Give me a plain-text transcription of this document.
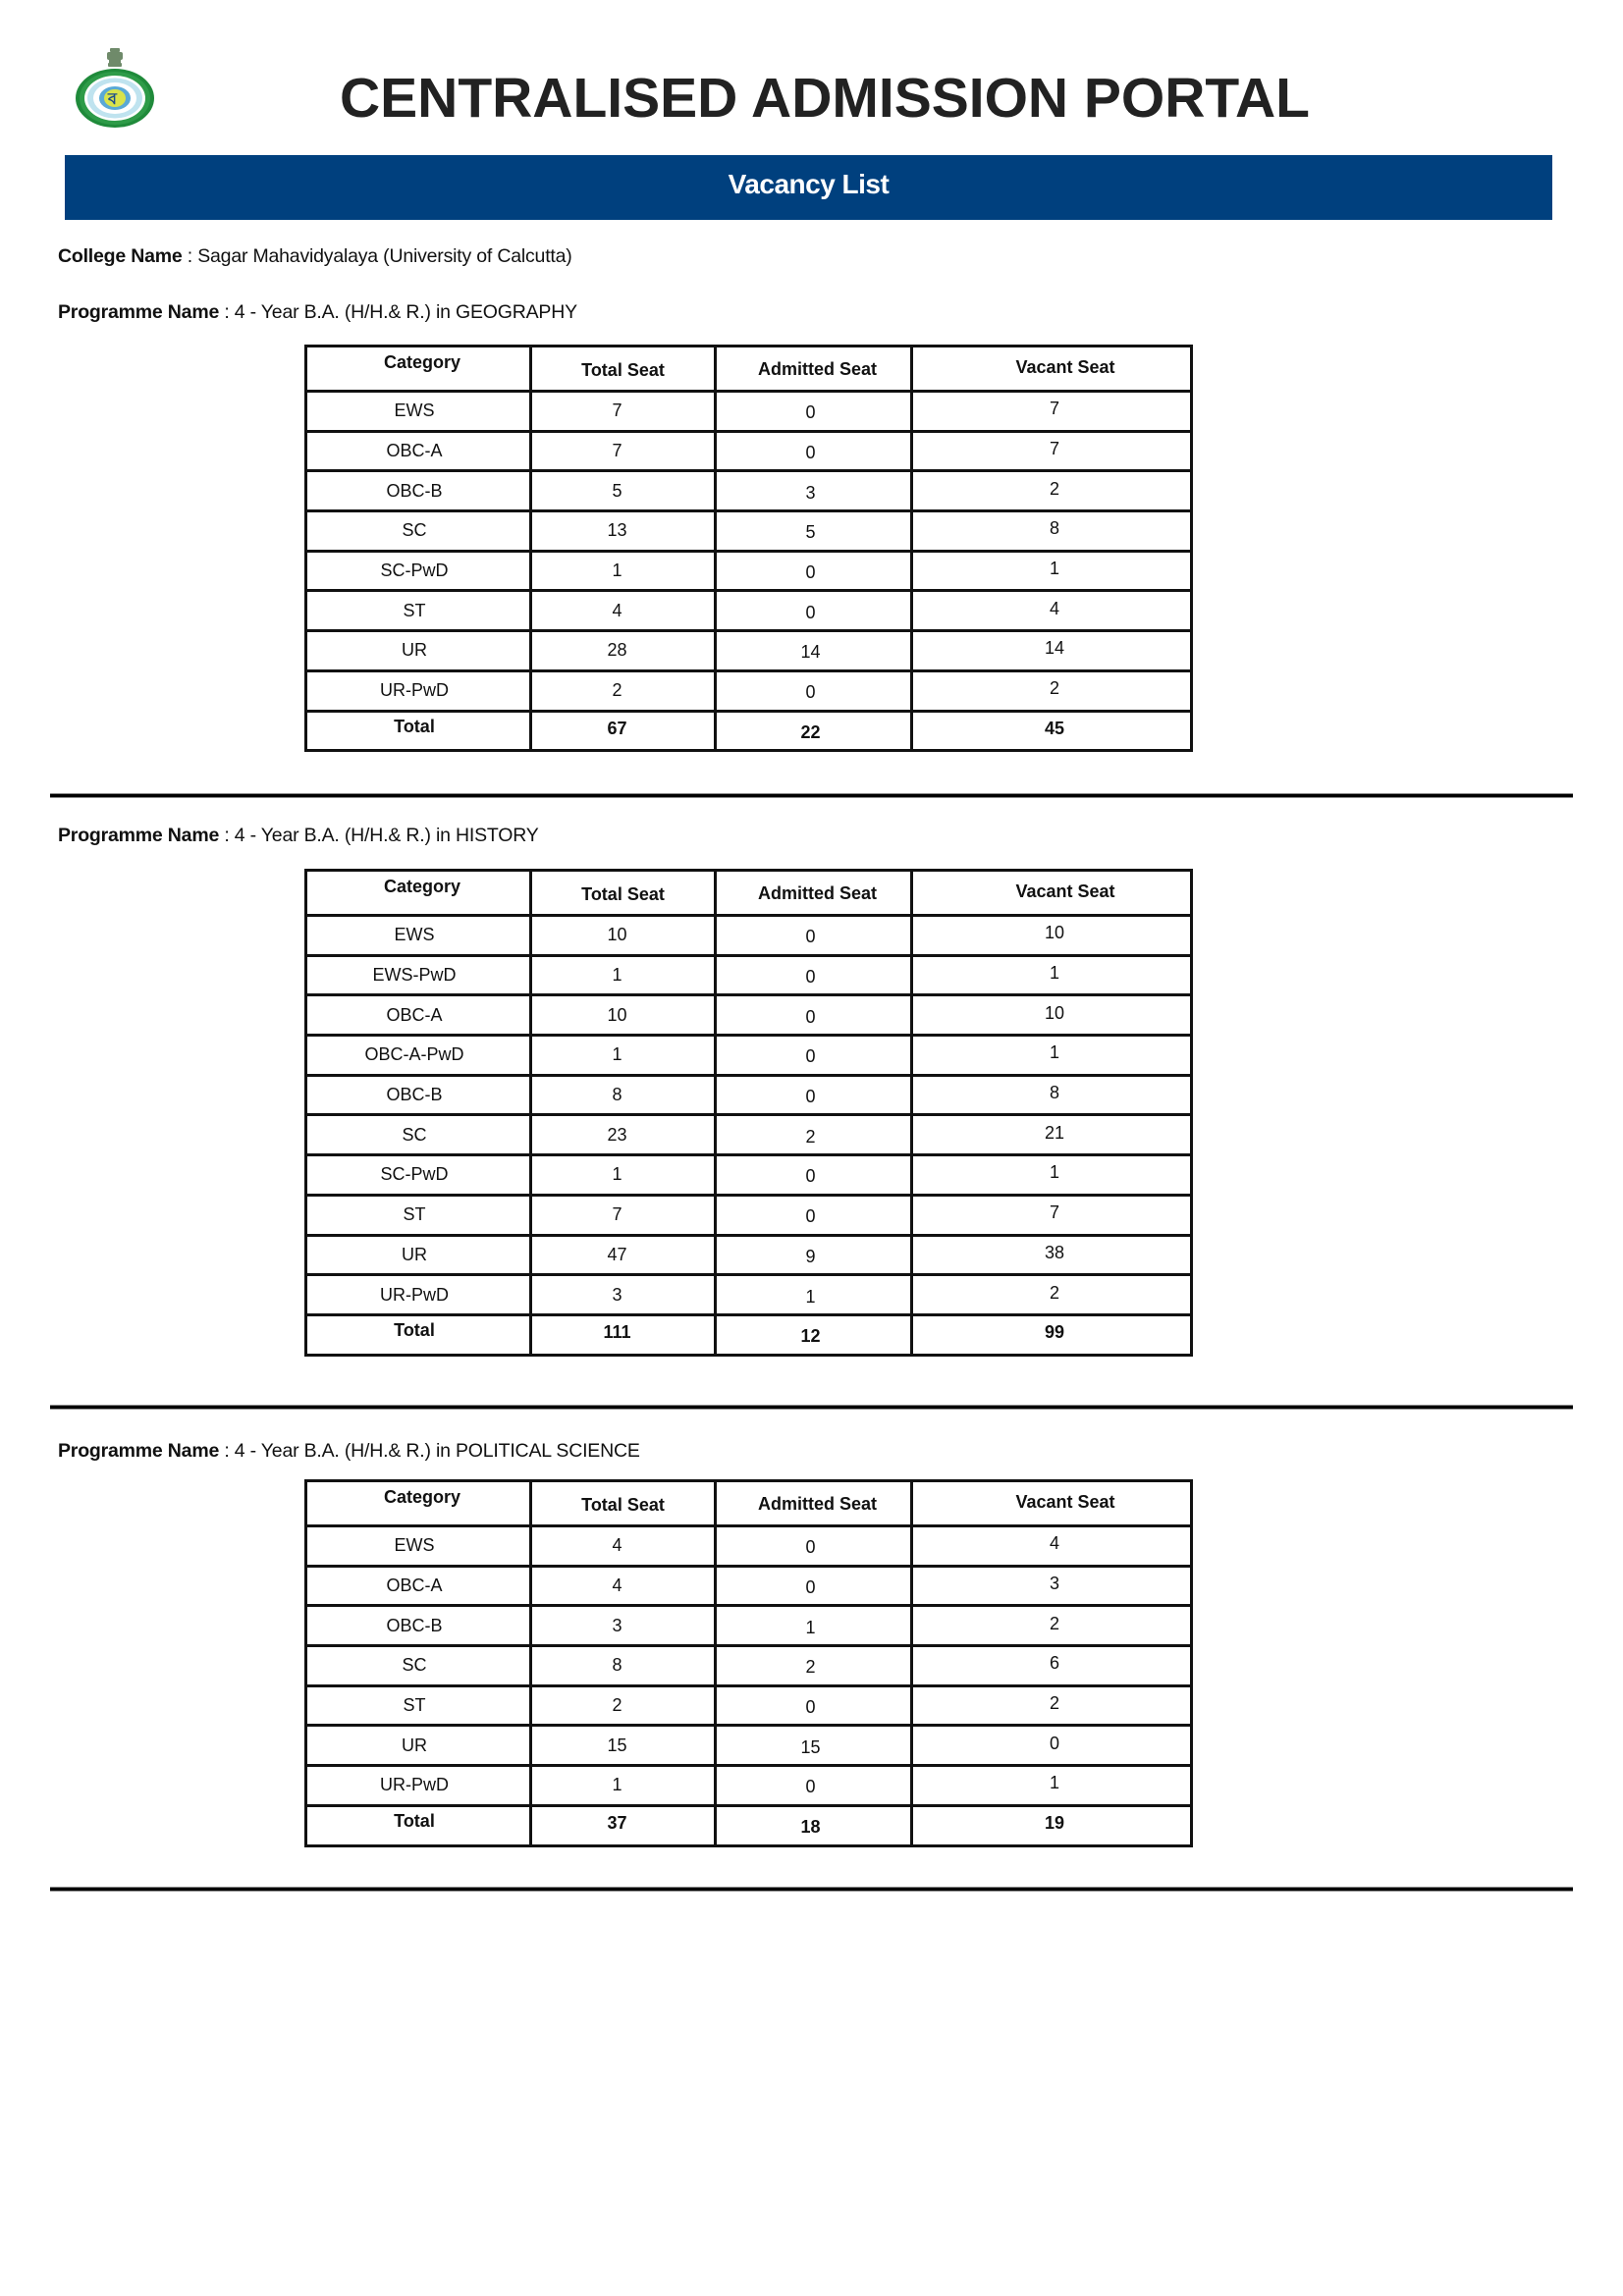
ব	CENTRALISED ADMISSION PORTAL
Vacancy List
College Name : Sagar Mahavidyalaya (University of Calcutta)
Programme Name : 4 - Year B.A. (H/H.& R.) in GEOGRAPHY
Category	Total Seat	Admitted Seat	Vacant Seat
EWS	7	0	7
OBC-A	7	0	7
OBC-B	5	3	2
SC	13	5	8
SC-PwD	1	0	1
ST	4	0	4
UR	28	14	14
UR-PwD	2	0	2
Total	67	22	45
Programme Name : 4 - Year B.A. (H/H.& R.) in HISTORY
Category	Total Seat	Admitted Seat	Vacant Seat
EWS	10	0	10
EWS-PwD	1	0	1
OBC-A	10	0	10
OBC-A-PwD	1	0	1
OBC-B	8	0	8
SC	23	2	21
SC-PwD	1	0	1
ST	7	0	7
UR	47	9	38
UR-PwD	3	1	2
Total	111	12	99
Programme Name : 4 - Year B.A. (H/H.& R.) in POLITICAL SCIENCE
Category	Total Seat	Admitted Seat	Vacant Seat
EWS	4	0	4
OBC-A	4	0	3
OBC-B	3	1	2
SC	8	2	6
ST	2	0	2
UR	15	15	0
UR-PwD	1	0	1
Total	37	18	19
